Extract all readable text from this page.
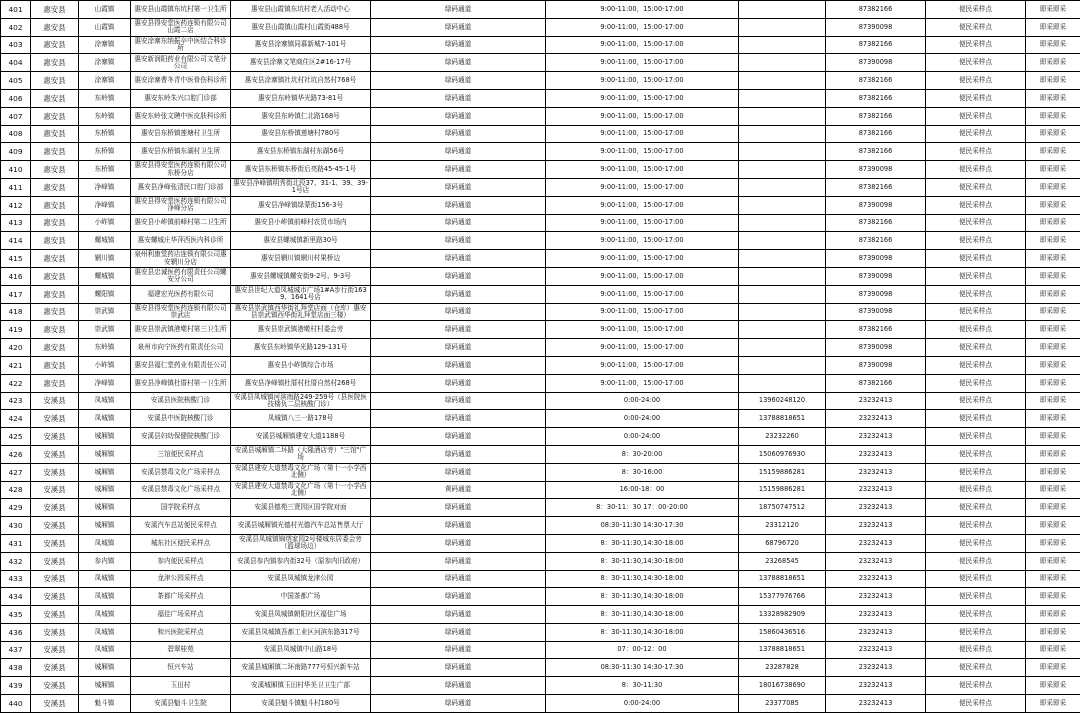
401	惠安县	山霞镇	惠安县山霞镇东坑村第一卫生所	惠安县山霞镇东坑村老人活动中心	绿码通道	9:00-11:00，15:00-17:00		87382166	便民采样点	即采即采
402	惠安县	山霞镇	惠安县得安堂医药连锁有限公司山霞二店	惠安县山霞镇山霞村山霞街488号	绿码通道	9:00-11:00，15:00-17:00		87390098	便民采样点	即采即采
403	惠安县	涂寨镇	惠安涂寨东纳振卒中医结合科诊所	惠安县涂寨镇同慕新城7-101号	绿码通道	9:00-11:00，15:00-17:00		87382166	便民采样点	即采即采
404	惠安县	涂寨镇	惠安新润阳药业有限公司文笔分公司	惠安县涂寨文笔商住区2#16-17号	绿码通道	9:00-11:00，15:00-17:00		87390098	便民采样点	即采即采
405	惠安县	涂寨镇	惠安涂寨曹冬青中医骨伤科诊所	惠安县涂寨镇社坑村社坑自然村768号	绿码通道	9:00-11:00，15:00-17:00		87382166	便民采样点	即采即采
406	惠安县	东岭镇	惠安东岭朱兴口腔门诊部	惠安县东岭镇华光路73-81号	绿码通道	9:00-11:00，15:00-17:00		87382166	便民采样点	即采即采
407	惠安县	东岭镇	惠安东岭张文聘中医皮肤科诊所	惠安县东岭镇仁北路168号	绿码通道	9:00-11:00，15:00-17:00		87382166	便民采样点	即采即采
408	惠安县	东桥镇	惠安县东桥镇莲塘村卫生所	惠安县东桥镇莲塘村780号	绿码通道	9:00-11:00，15:00-17:00		87382166	便民采样点	即采即采
409	惠安县	东桥镇	惠安县东桥镇东湖村卫生所	惠安县东桥镇东湖村东湖56号	绿码通道	9:00-11:00，15:00-17:00		87382166	便民采样点	即采即采
410	惠安县	东桥镇	惠安县得安堂医药连锁有限公司东桥分店	惠安县东桥镇东桥街后亮路45-45-1号	绿码通道	9:00-11:00，15:00-17:00		87390098	便民采样点	即采即采
411	惠安县	净峰镇	惠安县净峰张清民口腔门诊部	惠安县净峰镇明秀街北段37、31-1、39、39-1号店	绿码通道	9:00-11:00，15:00-17:00		87382166	便民采样点	即采即采
412	惠安县	净峰镇	惠安县得安堂医药连锁有限公司净峰分店	惠安县净峰镇绿蒙街156-3号	绿码通道	9:00-11:00，15:00-17:00		87390098	便民采样点	即采即采
413	惠安县	小岞镇	惠安县小岞镇前峰村第二卫生所	惠安县小岞镇前峰村农贸市场内	绿码通道	9:00-11:00，15:00-17:00		87382166	便民采样点	即采即采
414	惠安县	螺城镇	惠安螺城庄华萍西医内科诊所	惠安县螺城镇新里路30号	绿码通道	9:00-11:00，15:00-17:00		87382166	便民采样点	即采即采
415	惠安县	辋川镇	泉州利康堂药店连锁有限公司惠安辋川分店	惠安县辋川镇辋川村果桥边	绿码通道	9:00-11:00，15:00-17:00		87390098	便民采样点	即采即采
416	惠安县	螺城镇	惠安县忠诚医药有限责任公司螺安分公司	惠安县螺城镇螺安街9-2号、9-3号	绿码通道	9:00-11:00，15:00-17:00		87390098	便民采样点	即采即采
417	惠安县	螺阳镇	福建宏光医药有限公司	惠安县世纪大道凤城城市广场1#A步行街1639、1641号店	绿码通道	9:00-11:00，15:00-17:00		87390098	便民采样点	即采即采
418	惠安县	崇武镇	惠安县得安堂医药连锁有限公司崇武店	惠安县崇武镇西华街礼拜堂店面（仓库）惠安县崇武镇西华街礼拜堂店面三楼）	绿码通道	9:00-11:00，15:00-17:00		87390098	便民采样点	即采即采
419	惠安县	崇武镇	惠安县崇武镇港墘村第三卫生所	惠安县崇武镇港墘村村委会旁	绿码通道	9:00-11:00，15:00-17:00		87382166	便民采样点	即采即采
420	惠安县	东岭镇	泉州市向宁医药有限责任公司	惠安县东岭镇华光路129-131号	绿码通道	9:00-11:00，15:00-17:00		87390098	便民采样点	即采即采
421	惠安县	小岞镇	惠安县福仁堂药业有限责任公司	惠安县小岞镇综合市场	绿码通道	9:00-11:00，15:00-17:00		87390098	便民采样点	即采即采
422	惠安县	净峰镇	惠安县净峰镇杜厝村第一卫生所	惠安县净峰镇杜厝村杜厝自然村268号	绿码通道	9:00-11:00，15:00-17:00		87382166	便民采样点	即采即采
423	安溪县	凤城镇	安溪县医院核酸门诊	安溪县凤城镇河滨南路249-259号（县医院医技楼负二层核酸门诊）	绿码通道	0:00-24:00	13960248120	23232413	便民采样点	即采即采
424	安溪县	凤城镇	安溪县中医院核酸门诊	凤城镇八三一路178号	绿码通道	0:00-24:00	13788818651	23232413	便民采样点	即采即采
425	安溪县	城厢镇	安溪县妇幼保健院核酸门诊	安溪县城厢镇建安大道1188号	绿码通道	0:00-24:00	23232260	23232413	便民采样点	即采即采
426	安溪县	城厢镇	三馆便民采样点	安溪县城厢镇二环路（大隆酒店旁）"三馆"广场	绿码通道	8：30-20:00	15060976930	23232413	便民采样点	即采即采
427	安溪县	城厢镇	安溪县禁毒文化广场采样点	安溪县建安大道禁毒文化广场（第十一小学西北侧）	绿码通道	8：30-16:00	15159886281	23232413	便民采样点	即采即采
428	安溪县	城厢镇	安溪县禁毒文化广场采样点	安溪县建安大道禁毒文化广场（第十一小学西北侧）	黄码通道	16:00-18：00	15159886281	23232413	便民采样点	即采即采
429	安溪县	城厢镇	国学院采样点	安溪县德苑三贤园区国学院对面	绿码通道	8：30-11：30 17：00-20:00	18750747512	23232413	便民采样点	即采即采
430	安溪县	城厢镇	安溪汽车总站便民采样点	安溪县城厢镇光德村光德汽车总站售票大厅	绿码通道	08:30-11:30 14:30-17:30	23312120	23232413	便民采样点	即采即采
431	安溪县	凤城镇	城东社区便民采样点	安溪县凤城镇锦绣家园2号楼城东居委会旁（篮球场边）	绿码通道	8：30-11:30,14:30-18:00	68796720	23232413	便民采样点	即采即采
432	安溪县	参内镇	参内便民采样点	安溪县参内镇参内街32号（原参内旧政府）	绿码通道	8：30-11:30,14:30-18:00	23268545	23232413	便民采样点	即采即采
433	安溪县	凤城镇	龙津公园采样点	安溪县凤城镇龙津公园	绿码通道	8：30-11:30,14:30-18:00	13788818651	23232413	便民采样点	即采即采
434	安溪县	凤城镇	茶都广场采样点	中国茶都广场	绿码通道	8：30-11:30,14:30-18:00	15377976766	23232413	便民采样点	即采即采
435	安溪县	凤城镇	福佳广场采样点	安溪县凤城镇朝阳社区福佳广场	绿码通道	8：30-11:30,14:30-18:00	13328982909	23232413	便民采样点	即采即采
436	安溪县	凤城镇	和兴医院采样点	安溪县凤城镇吾都工业区河滨东路317号	绿码通道	8：30-11:30,14:30-18:00	15860436516	23232413	便民采样点	即采即采
437	安溪县	凤城镇	碧翠桂苑	安溪县凤城镇中山路18号	绿码通道	07：00-12：00	13788818651	23232413	便民采样点	即采即采
438	安溪县	城厢镇	恒兴车站	安溪县城厢镇二环南路777号恒兴新车站	绿码通道	08:30-11:30 14:30-17:30	23287828	23232413	便民采样点	即采即采
439	安溪县	城厢镇	玉田村	安溪城厢镇玉田村华美卫卫生广部	绿码通道	8：30-11:30	18016738690	23232413	便民采样点	即采即采
440	安溪县	魁斗镇	安溪县魁斗卫生院	安溪县魁斗镇魁斗村180号	绿码通道	0:00-24:00	23377085	23232413	便民采样点	即采即采
